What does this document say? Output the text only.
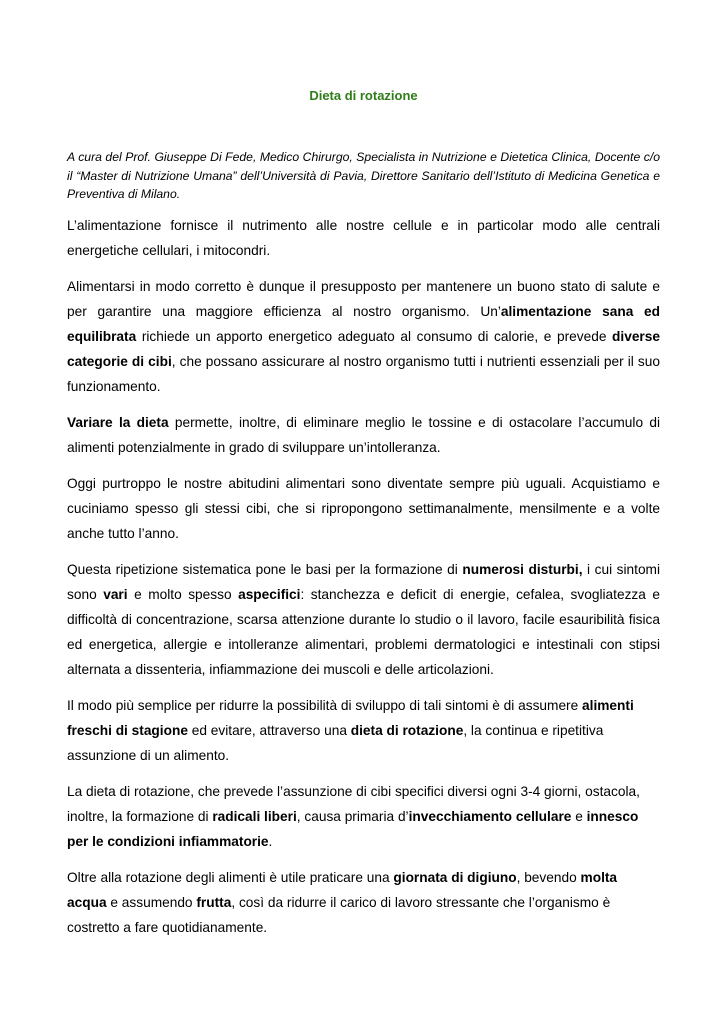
Dieta di rotazione
A cura del Prof. Giuseppe Di Fede, Medico Chirurgo, Specialista in Nutrizione e Dietetica Clinica, Docente c/o il “Master di Nutrizione Umana” dell’Università di Pavia, Direttore Sanitario dell’Istituto di Medicina Genetica e Preventiva di Milano.

L’alimentazione fornisce il nutrimento alle nostre cellule e in particolar modo alle centrali energetiche cellulari, i mitocondri.

Alimentarsi in modo corretto è dunque il presupposto per mantenere un buono stato di salute e per garantire una maggiore efficienza al nostro organismo. Un’alimentazione sana ed equilibrata richiede un apporto energetico adeguato al consumo di calorie, e prevede diverse categorie di cibi, che possano assicurare al nostro organismo tutti i nutrienti essenziali per il suo funzionamento.

Variare la dieta permette, inoltre, di eliminare meglio le tossine e di ostacolare l’accumulo di alimenti potenzialmente in grado di sviluppare un’intolleranza.

Oggi purtroppo le nostre abitudini alimentari sono diventate sempre più uguali. Acquistiamo e cuciniamo spesso gli stessi cibi, che si ripropongono settimanalmente, mensilmente e a volte anche tutto l’anno.

Questa ripetizione sistematica pone le basi per la formazione di numerosi disturbi, i cui sintomi sono vari e molto spesso aspecifici: stanchezza e deficit di energie, cefalea, svogliatezza e difficoltà di concentrazione, scarsa attenzione durante lo studio o il lavoro, facile esauribilità fisica ed energetica, allergie e intolleranze alimentari, problemi dermatologici e intestinali con stipsi alternata a dissenteria, infiammazione dei muscoli e delle articolazioni.

Il modo più semplice per ridurre la possibilità di sviluppo di tali sintomi è di assumere alimenti freschi di stagione ed evitare, attraverso una dieta di rotazione, la continua e ripetitiva assunzione di un alimento.

La dieta di rotazione, che prevede l’assunzione di cibi specifici diversi ogni 3-4 giorni, ostacola, inoltre, la formazione di radicali liberi, causa primaria d’invecchiamento cellulare e innesco per le condizioni infiammatorie.

Oltre alla rotazione degli alimenti è utile praticare una giornata di digiuno, bevendo molta acqua e assumendo frutta, così da ridurre il carico di lavoro stressante che l’organismo è costretto a fare quotidianamente.
